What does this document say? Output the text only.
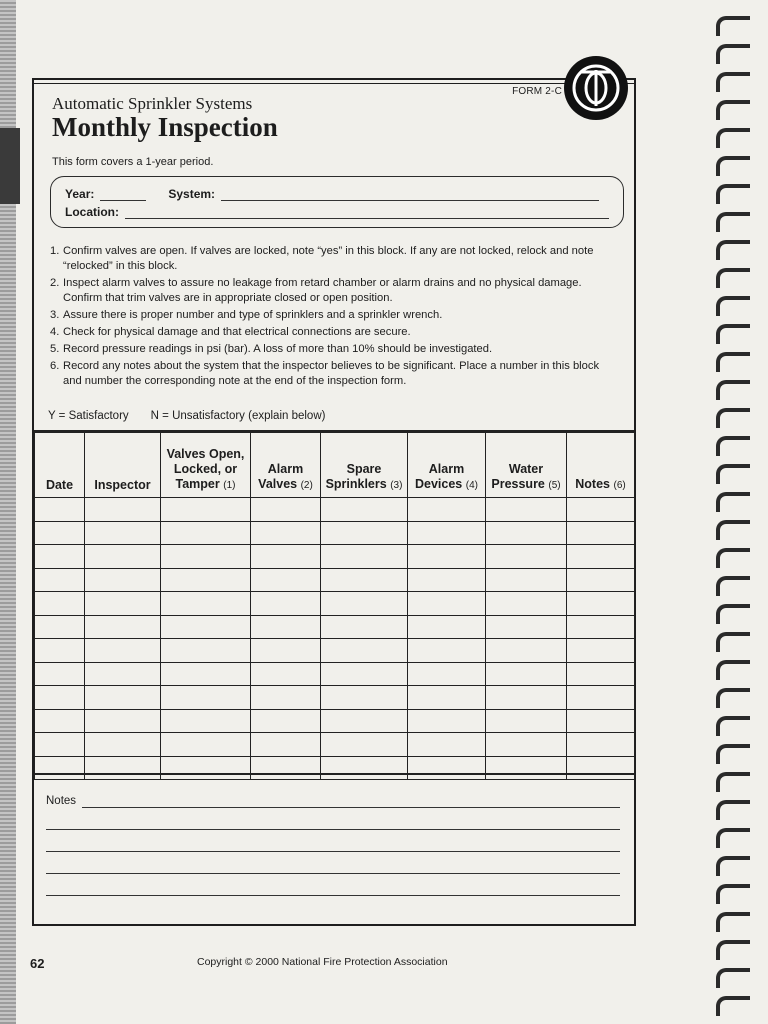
FORM 2-C
Automatic Sprinkler Systems
Monthly Inspection
This form covers a 1-year period.
Year:	System:
Location:
1. Confirm valves are open. If valves are locked, note “yes” in this block. If any are not locked, relock and note “relocked” in this block.
2. Inspect alarm valves to assure no leakage from retard chamber or alarm drains and no physical damage. Confirm that trim valves are in appropriate closed or open position.
3. Assure there is proper number and type of sprinklers and a sprinkler wrench.
4. Check for physical damage and that electrical connections are secure.
5. Record pressure readings in psi (bar). A loss of more than 10% should be investigated.
6. Record any notes about the system that the inspector believes to be significant. Place a number in this block and number the corresponding note at the end of the inspection form.
Y = Satisfactory N = Unsatisfactory (explain below)
Date	Inspector	Valves Open, Locked, or Tamper (1)	Alarm Valves (2)	Spare Sprinklers (3)	Alarm Devices (4)	Water Pressure (5)	Notes (6)

Notes
62	Copyright © 2000 National Fire Protection Association
